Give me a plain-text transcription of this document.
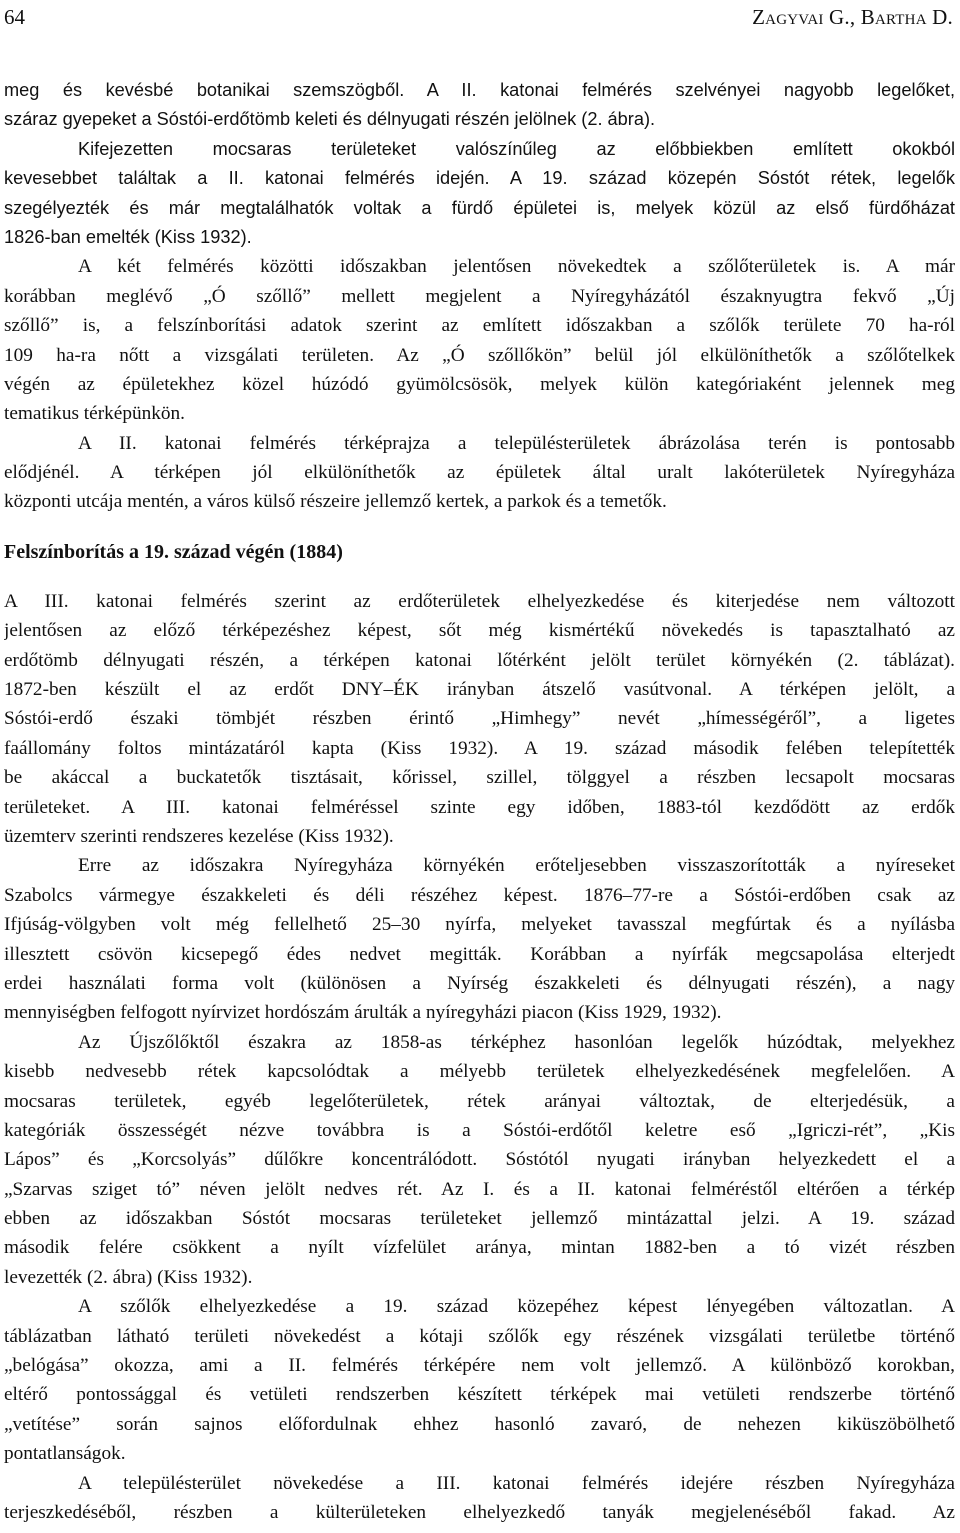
64	Zagyvai G., Bartha D.
meg és kevésbé botanikai szemszögből. A II. katonai felmérés szelvényei nagyobb legelőket,
száraz gyepeket a Sóstói-erdőtömb keleti és délnyugati részén jelölnek (2. ábra).
Kifejezetten mocsaras területeket valószínűleg az előbbiekben említett okokból
kevesebbet találtak a II. katonai felmérés idején. A 19. század közepén Sóstót rétek, legelők
szegélyezték és már megtalálhatók voltak a fürdő épületei is, melyek közül az első fürdőházat
1826-ban emelték (Kiss 1932).
A két felmérés közötti időszakban jelentősen növekedtek a szőlőterületek is. A már
korábban meglévő „Ó szőllő” mellett megjelent a Nyíregyházától északnyugtra fekvő „Új
szőllő” is, a felszínborítási adatok szerint az említett időszakban a szőlők területe 70 ha-ról
109 ha-ra nőtt a vizsgálati területen. Az „Ó szőllőkön” belül jól elkülöníthetők a szőlőtelkek
végén az épületekhez közel húzódó gyümölcsösök, melyek külön kategóriaként jelennek meg
tematikus térképünkön.
A II. katonai felmérés térképrajza a településterületek ábrázolása terén is pontosabb
elődjénél. A térképen jól elkülöníthetők az épületek által uralt lakóterületek Nyíregyháza
központi utcája mentén, a város külső részeire jellemző kertek, a parkok és a temetők.
Felszínborítás a 19. század végén (1884)
A III. katonai felmérés szerint az erdőterületek elhelyezkedése és kiterjedése nem változott
jelentősen az előző térképezéshez képest, sőt még kismértékű növekedés is tapasztalható az
erdőtömb délnyugati részén, a térképen katonai lőtérként jelölt terület környékén (2. táblázat).
1872-ben készült el az erdőt DNY–ÉK irányban átszelő vasútvonal. A térképen jelölt, a
Sóstói-erdő északi tömbjét részben érintő „Himhegy” nevét „hímességéről”, a ligetes
faállomány foltos mintázatáról kapta (Kiss 1932). A 19. század második felében telepítették
be akáccal a buckatetők tisztásait, kőrissel, szillel, tölggyel a részben lecsapolt mocsaras
területeket. A III. katonai felméréssel szinte egy időben, 1883-tól kezdődött az erdők
üzemterv szerinti rendszeres kezelése (Kiss 1932).
Erre az időszakra Nyíregyháza környékén erőteljesebben visszaszorították a nyíreseket
Szabolcs vármegye északkeleti és déli részéhez képest. 1876–77-re a Sóstói-erdőben csak az
Ifjúság-völgyben volt még fellelhető 25–30 nyírfa, melyeket tavasszal megfúrtak és a nyílásba
illesztett csövön kicsepegő édes nedvet megitták. Korábban a nyírfák megcsapolása elterjedt
erdei használati forma volt (különösen a Nyírség északkeleti és délnyugati részén), a nagy
mennyiségben felfogott nyírvizet hordószám árulták a nyíregyházi piacon (Kiss 1929, 1932).
Az Újszőlőktől északra az 1858-as térképhez hasonlóan legelők húzódtak, melyekhez
kisebb nedvesebb rétek kapcsolódtak a mélyebb területek elhelyezkedésének megfelelően. A
mocsaras területek, egyéb legelőterületek, rétek arányai változtak, de elterjedésük, a
kategóriák összességét nézve továbbra is a Sóstói-erdőtől keletre eső „Igriczi-rét”, „Kis
Lápos” és „Korcsolyás” dűlőkre koncentrálódott. Sóstótól nyugati irányban helyezkedett el a
„Szarvas sziget tó” néven jelölt nedves rét. Az I. és a II. katonai felméréstől eltérően a térkép
ebben az időszakban Sóstót mocsaras területeket jellemző mintázattal jelzi. A 19. század
második felére csökkent a nyílt vízfelület aránya, mintan 1882-ben a tó vizét részben
levezették (2. ábra) (Kiss 1932).
A szőlők elhelyezkedése a 19. század közepéhez képest lényegében változatlan. A
táblázatban látható területi növekedést a kótaji szőlők egy részének vizsgálati területbe történő
„belógása” okozza, ami a II. felmérés térképére nem volt jellemző. A különböző korokban,
eltérő pontossággal és vetületi rendszerben készített térképek mai vetületi rendszerbe történő
„vetítése” során sajnos előfordulnak ehhez hasonló zavaró, de nehezen kiküszöbölhető
pontatlanságok.
A településterület növekedése a III. katonai felmérés idejére részben Nyíregyháza
terjeszkedéséből, részben a külterületeken elhelyezkedő tanyák megjelenéséből fakad. Az
